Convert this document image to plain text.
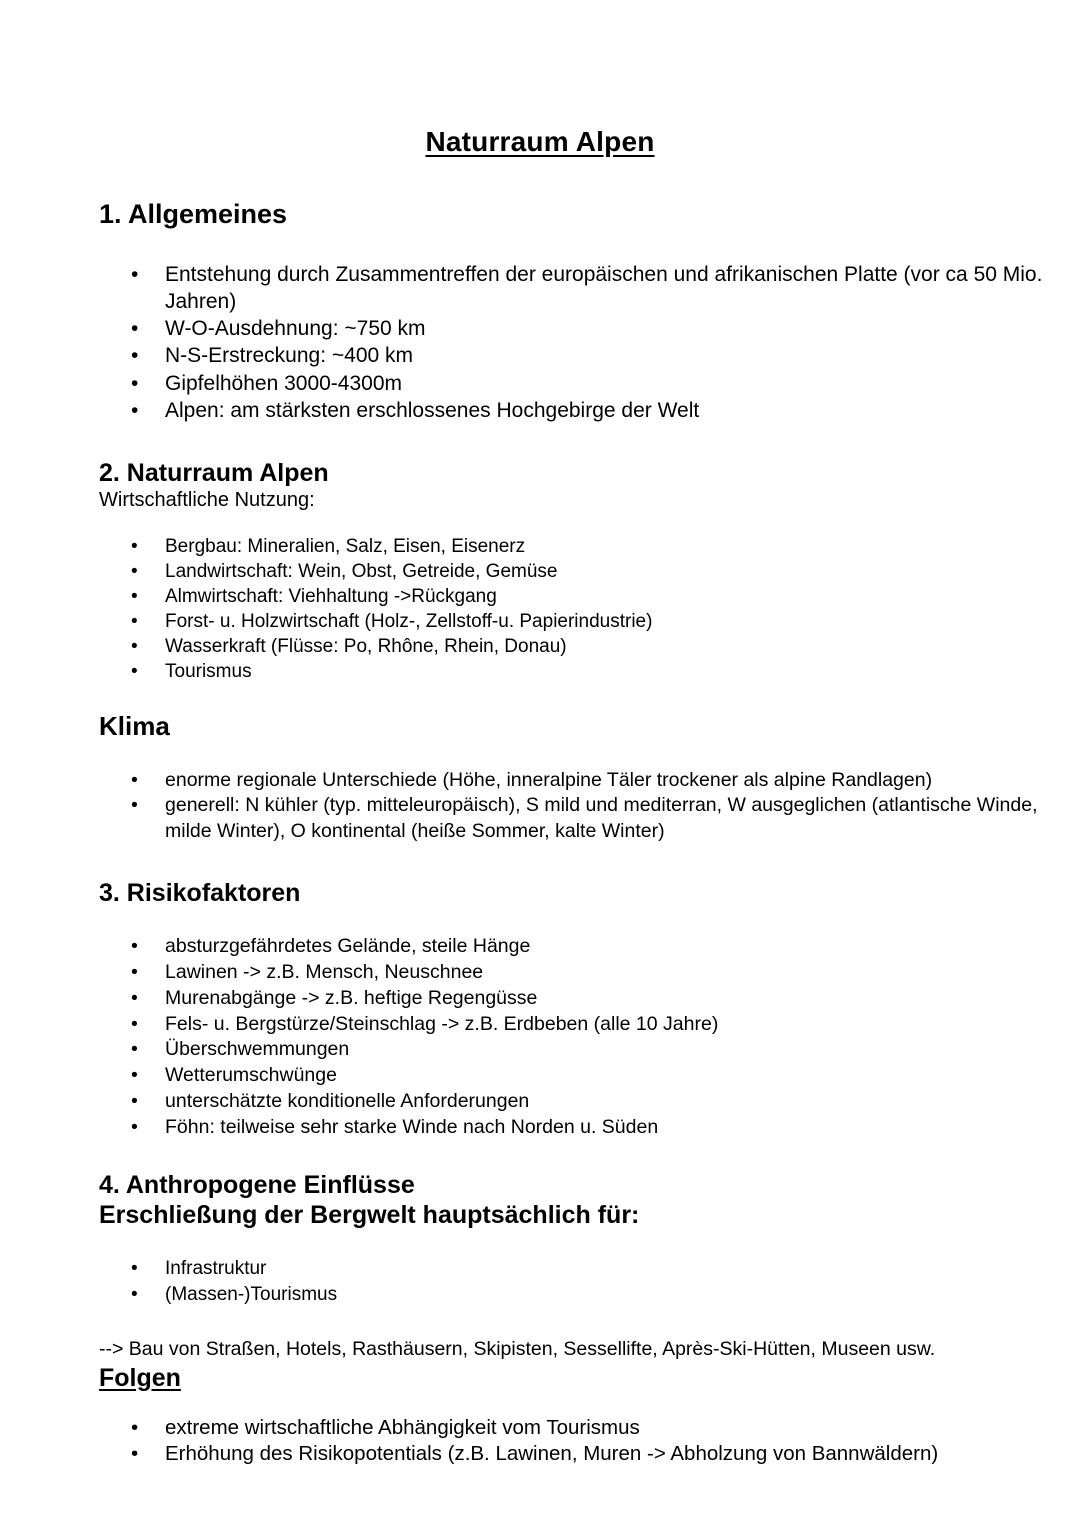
Naturraum Alpen
1. Allgemeines
• Entstehung durch Zusammentreffen der europäischen und afrikanischen Platte (vor ca 50 Mio. Jahren)
• W-O-Ausdehnung: ~750 km
• N-S-Erstreckung: ~400 km
• Gipfelhöhen 3000-4300m
• Alpen: am stärksten erschlossenes Hochgebirge der Welt
2. Naturraum Alpen

Wirtschaftliche Nutzung:

• Bergbau: Mineralien, Salz, Eisen, Eisenerz
• Landwirtschaft: Wein, Obst, Getreide, Gemüse
• Almwirtschaft: Viehhaltung ->Rückgang
• Forst- u. Holzwirtschaft (Holz-, Zellstoff-u. Papierindustrie)
• Wasserkraft (Flüsse: Po, Rhône, Rhein, Donau)
• Tourismus
Klima
• enorme regionale Unterschiede (Höhe, inneralpine Täler trockener als alpine Randlagen)
• generell: N kühler (typ. mitteleuropäisch), S mild und mediterran, W ausgeglichen (atlantische Winde, milde Winter), O kontinental (heiße Sommer, kalte Winter)
3. Risikofaktoren
• absturzgefährdetes Gelände, steile Hänge
• Lawinen -> z.B. Mensch, Neuschnee
• Murenabgänge -> z.B. heftige Regengüsse
• Fels- u. Bergstürze/Steinschlag -> z.B. Erdbeben (alle 10 Jahre)
• Überschwemmungen
• Wetterumschwünge
• unterschätzte konditionelle Anforderungen
• Föhn: teilweise sehr starke Winde nach Norden u. Süden
4. Anthropogene Einflüsse
Erschließung der Bergwelt hauptsächlich für:
• Infrastruktur
• (Massen-)Tourismus

--> Bau von Straßen, Hotels, Rasthäusern, Skipisten, Sessellifte, Après-Ski-Hütten, Museen usw.

Folgen
• extreme wirtschaftliche Abhängigkeit vom Tourismus
• Erhöhung des Risikopotentials (z.B. Lawinen, Muren -> Abholzung von Bannwäldern)
